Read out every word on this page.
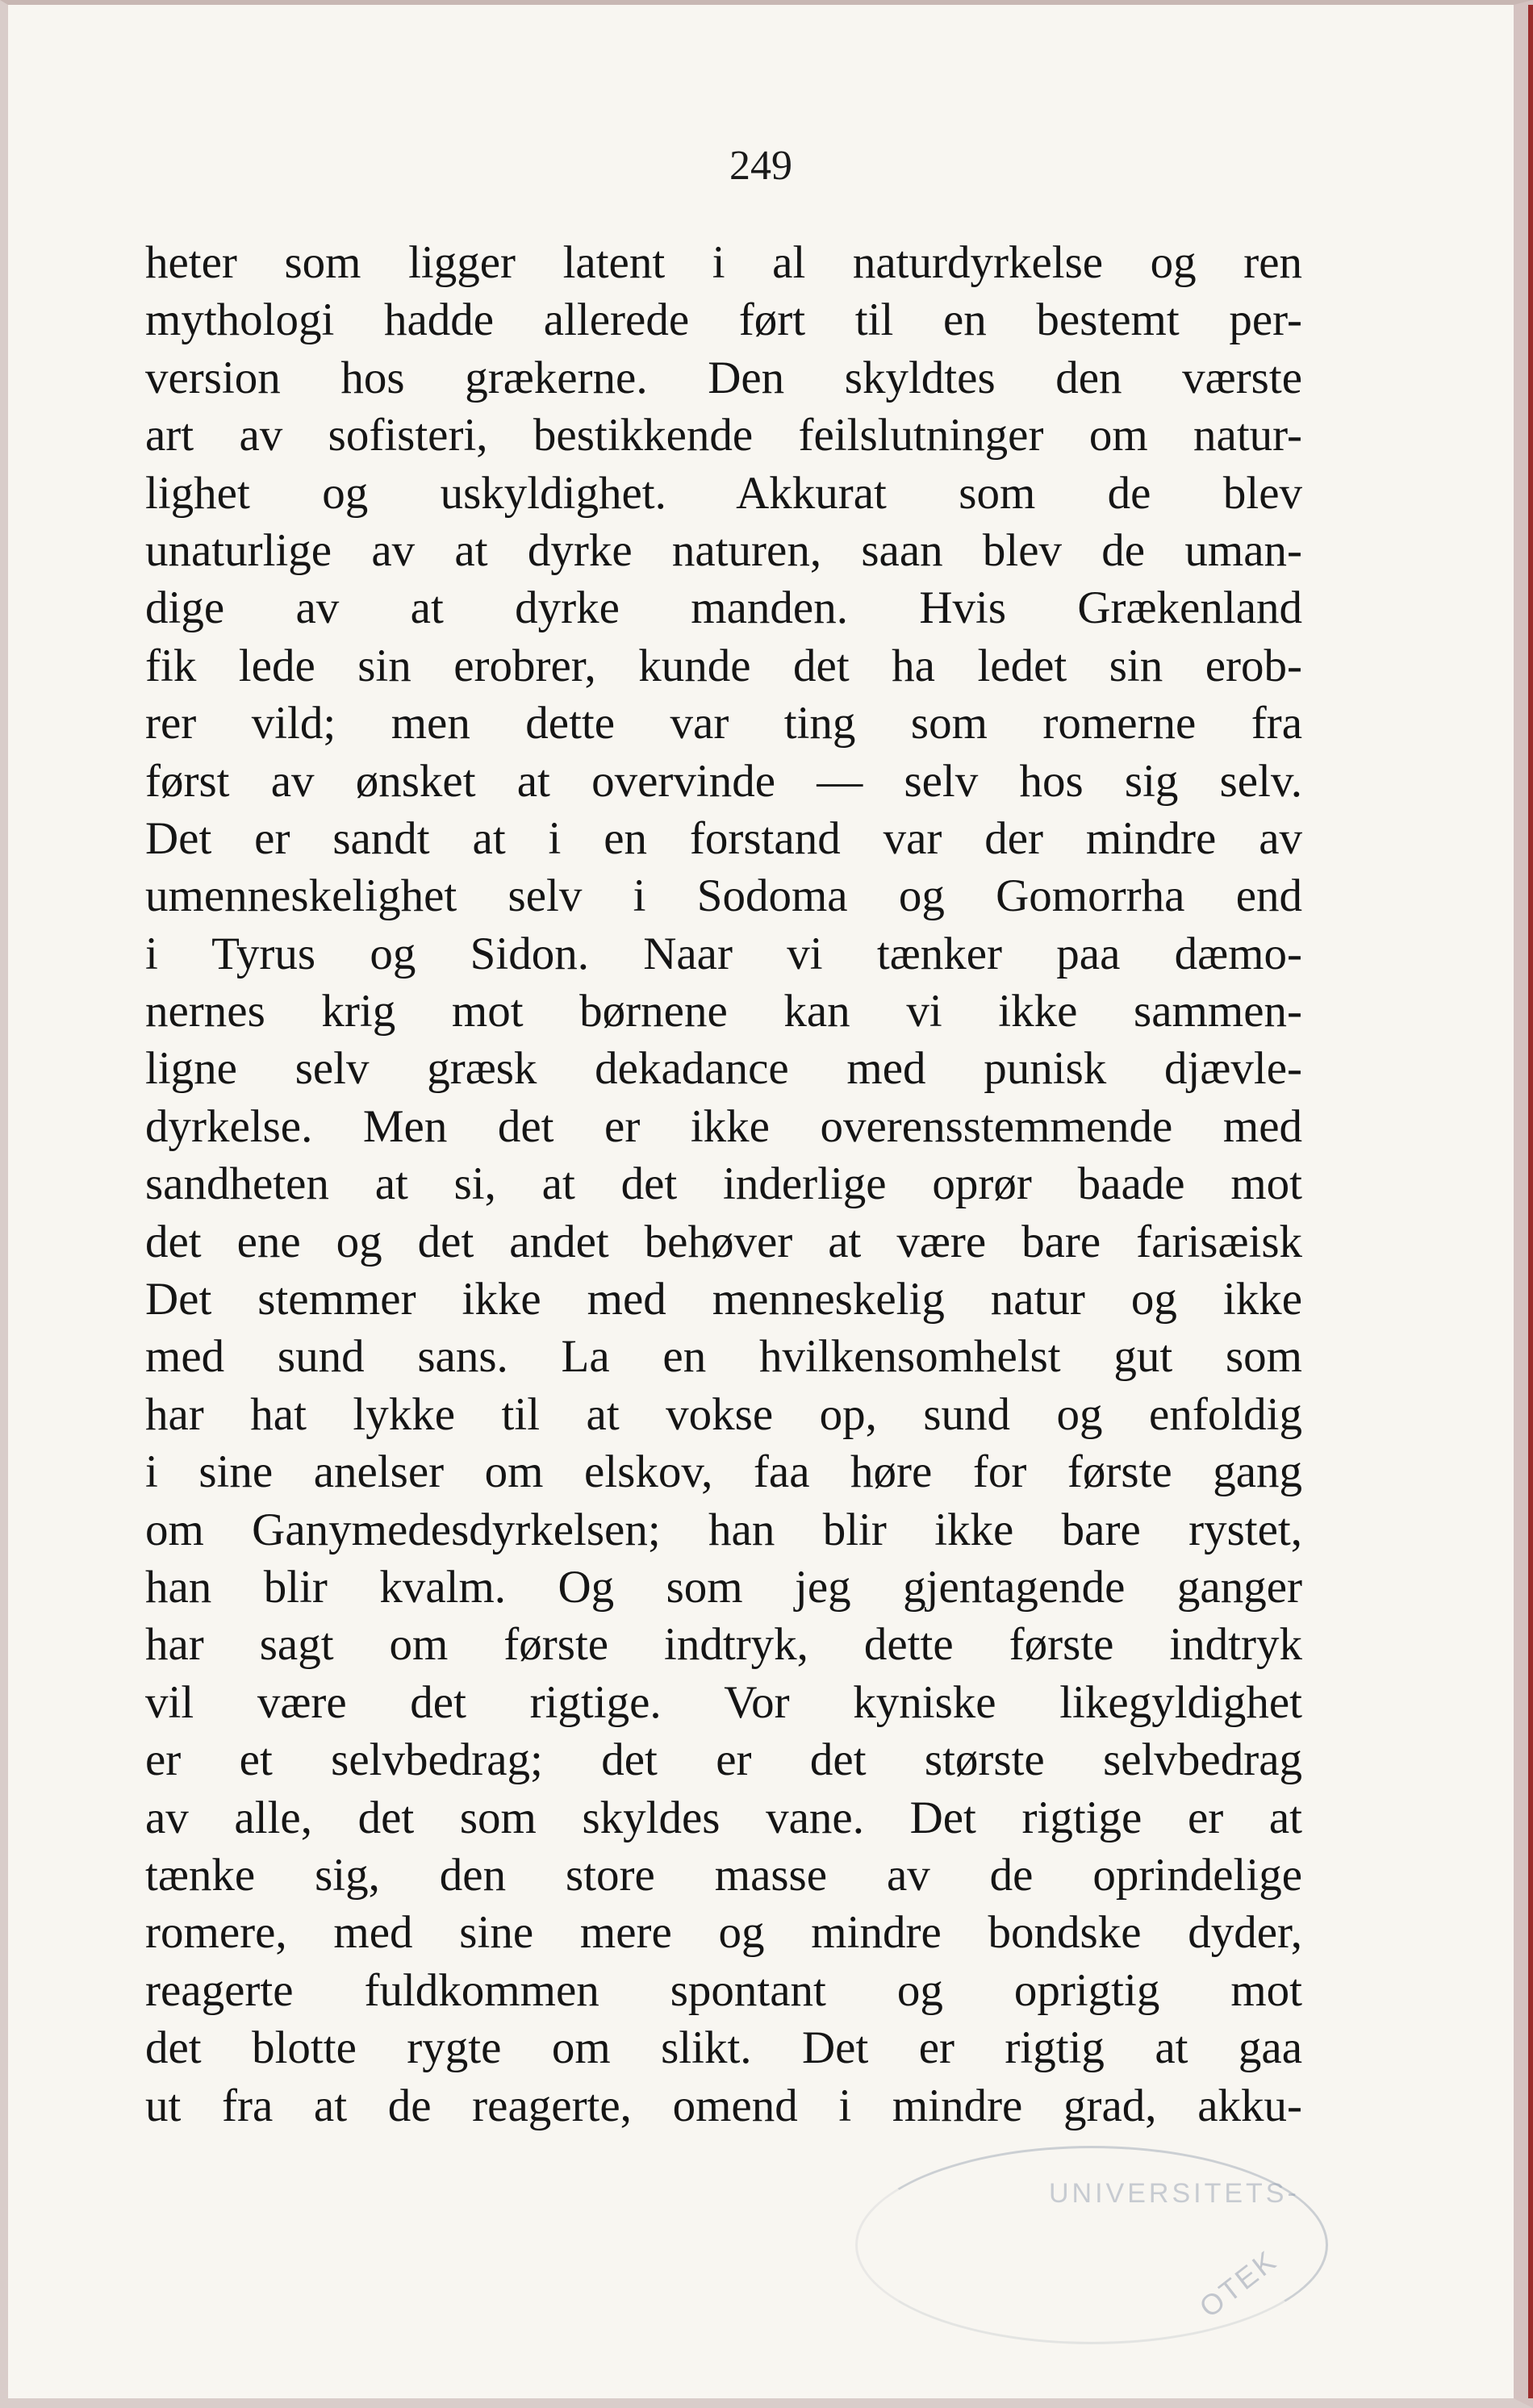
249

heter som ligger latent i al naturdyrkelse og ren

mythologi hadde allerede ført til en bestemt per-

version hos grækerne. Den skyldtes den værste

art av sofisteri, bestikkende feilslutninger om natur-

lighet og uskyldighet. Akkurat som de blev

unaturlige av at dyrke naturen, saan blev de uman-

dige av at dyrke manden. Hvis Grækenland

fik lede sin erobrer, kunde det ha ledet sin erob-

rer vild; men dette var ting som romerne fra

først av ønsket at overvinde — selv hos sig selv.

Det er sandt at i en forstand var der mindre av

umenneskelighet selv i Sodoma og Gomorrha end

i Tyrus og Sidon. Naar vi tænker paa dæmo-

nernes krig mot børnene kan vi ikke sammen-

ligne selv græsk dekadance med punisk djævle-

dyrkelse. Men det er ikke overensstemmende med

sandheten at si, at det inderlige oprør baade mot

det ene og det andet behøver at være bare farisæisk

Det stemmer ikke med menneskelig natur og ikke

med sund sans. La en hvilkensomhelst gut som

har hat lykke til at vokse op, sund og enfoldig

i sine anelser om elskov, faa høre for første gang

om Ganymedesdyrkelsen; han blir ikke bare rystet,

han blir kvalm. Og som jeg gjentagende ganger

har sagt om første indtryk, dette første indtryk

vil være det rigtige. Vor kyniske likegyldighet

er et selvbedrag; det er det største selvbedrag

av alle, det som skyldes vane. Det rigtige er at

tænke sig, den store masse av de oprindelige

romere, med sine mere og mindre bondske dyder,

reagerte fuldkommen spontant og oprigtig mot

det blotte rygte om slikt. Det er rigtig at gaa

ut fra at de reagerte, omend i mindre grad, akku-

UNIVERSITETS-
OTEK
